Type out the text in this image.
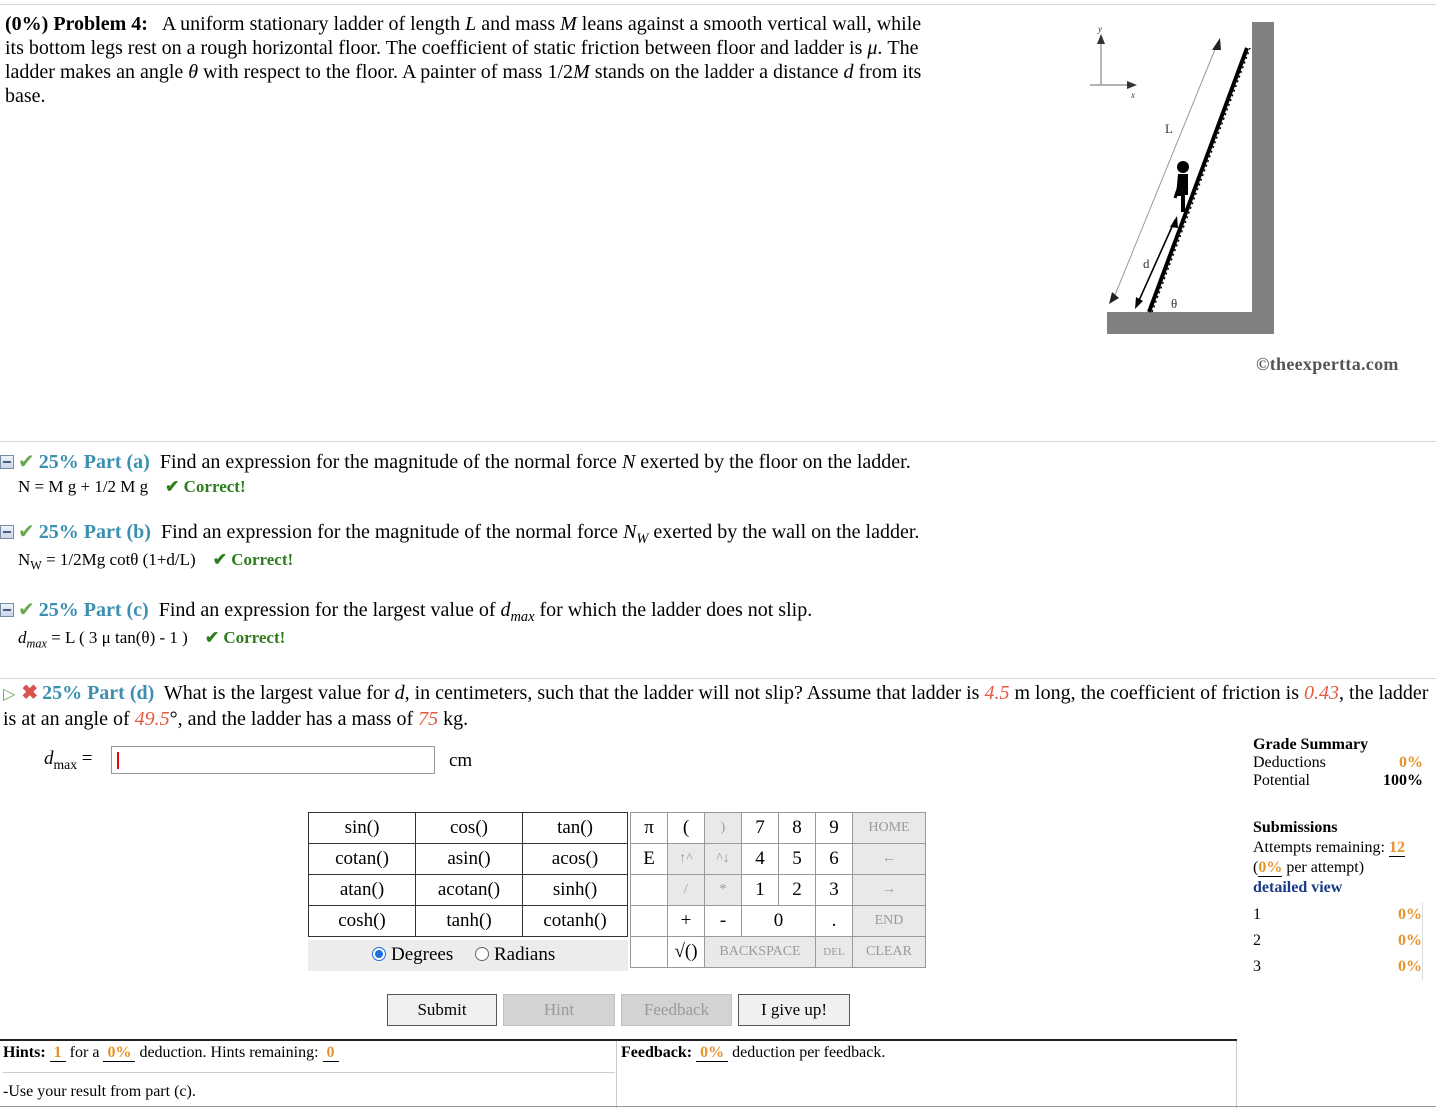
(0%) Problem 4: A uniform stationary ladder of length L and mass M leans against a smooth vertical wall, while its bottom legs rest on a rough horizontal floor. The coefficient of static friction between floor and ladder is μ. The ladder makes an angle θ with respect to the floor. A painter of mass 1/2M stands on the ladder a distance d from its base.
y
x
L
d
θ
©theexpertta.com
✔ 25% Part (a) Find an expression for the magnitude of the normal force N exerted by the floor on the ladder.
N = M g + 1/2 M g ✔ Correct!
✔ 25% Part (b) Find an expression for the magnitude of the normal force $N_W$ exerted by the wall on the ladder.
$N_W = 1/2Mg$ cotθ (1+d/L) ✔ Correct!
✔ 25% Part (c) Find an expression for the largest value of $d_{max}$ for which the ladder does not slip.
$d_{max} = L$ ( 3 μ tan(θ) - 1 ) ✔ Correct!
▷ ✖ 25% Part (d) What is the largest value for d, in centimeters, such that the ladder will not slip? Assume that ladder is 4.5 m long, the coefficient of friction is 0.43, the ladder is at an angle of 49.5°, and the ladder has a mass of 75 kg.
$d_{max}$ =	cm
sin()	cos()	tan()
cotan()	asin()	acos()
atan()	acotan()	sinh()
cosh()	tanh()	cotanh()
Degrees	Radians
π	(	)	7	8	9	HOME
E	↑^	^↓	4	5	6	←
	/	*	1	2	3	→
	+	-	0		.	END
	√()	BACKSPACE			DEL	CLEAR
Submit	Hint	Feedback	I give up!
Grade Summary
Deductions	0%
Potential	100%
Submissions
Attempts remaining: 12
(0% per attempt)
detailed view
1	0%
2	0%
3	0%
Hints: 1 for a 0% deduction. Hints remaining: 0
-Use your result from part (c).
Feedback: 0% deduction per feedback.
